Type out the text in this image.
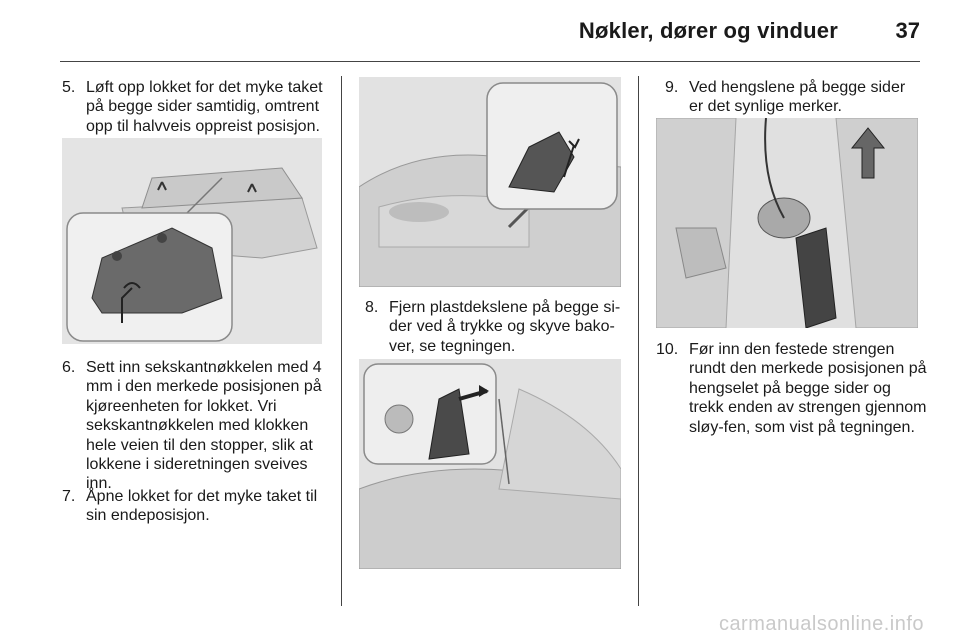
Nøkler, dører og vinduer	37
5. Løft opp lokket for det myke taket på begge sider samtidig, omtrent opp til halvveis oppreist posisjon.
6. Sett inn sekskantnøkkelen med 4 mm i den merkede posisjonen på kjøreenheten for lokket. Vri sekskantnøkkelen med klokken hele veien til den stopper, slik at lokkene i sideretningen sveives inn.
7. Åpne lokket for det myke taket til sin endeposisjon.
8. Fjern plastdekslene på begge si-der ved å trykke og skyve bako-ver, se tegningen.
9. Ved hengslene på begge sider er det synlige merker.
10. Før inn den festede strengen rundt den merkede posisjonen på hengselet på begge sider og trekk enden av strengen gjennom sløy-fen, som vist på tegningen.
carmanualsonline.info
